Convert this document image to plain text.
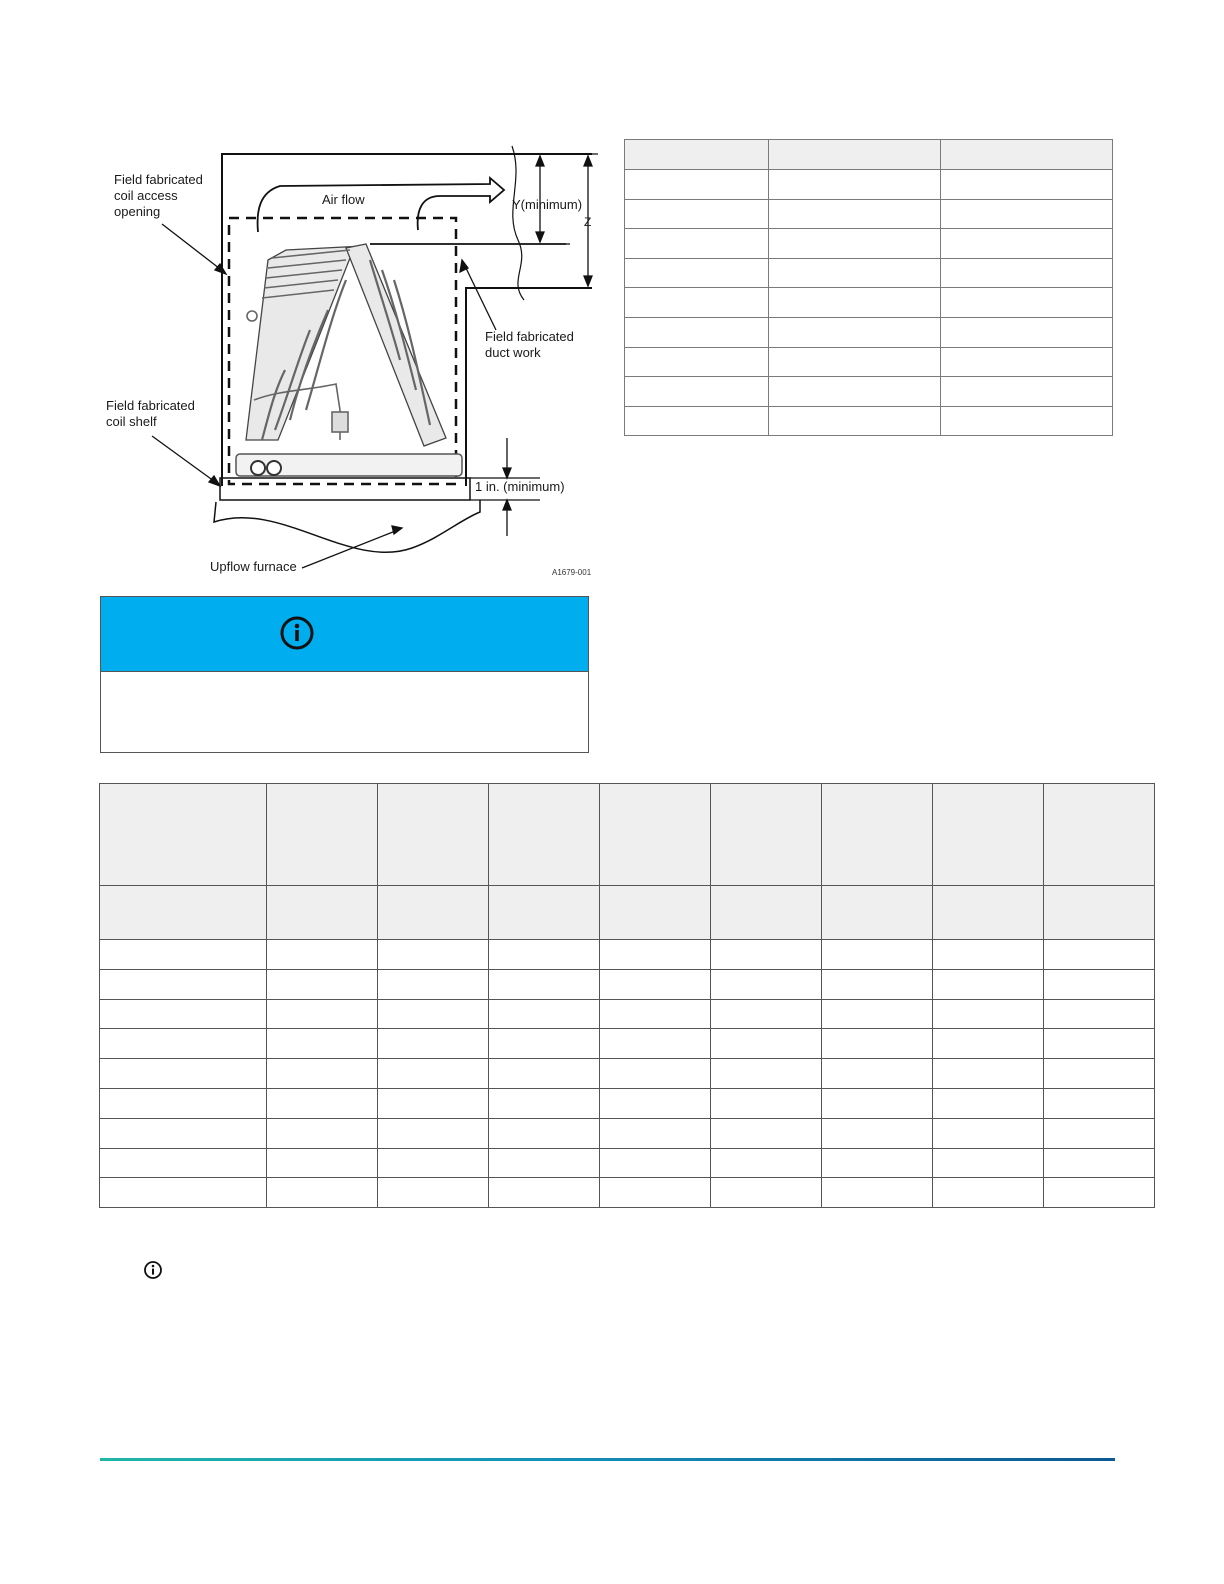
Field fabricated
coil access
opening
Air flow	Y(minimum)
Z
Field fabricated
duct work
Field fabricated
coil shelf
1 in. (minimum)
Upflow furnace	A1679-001
